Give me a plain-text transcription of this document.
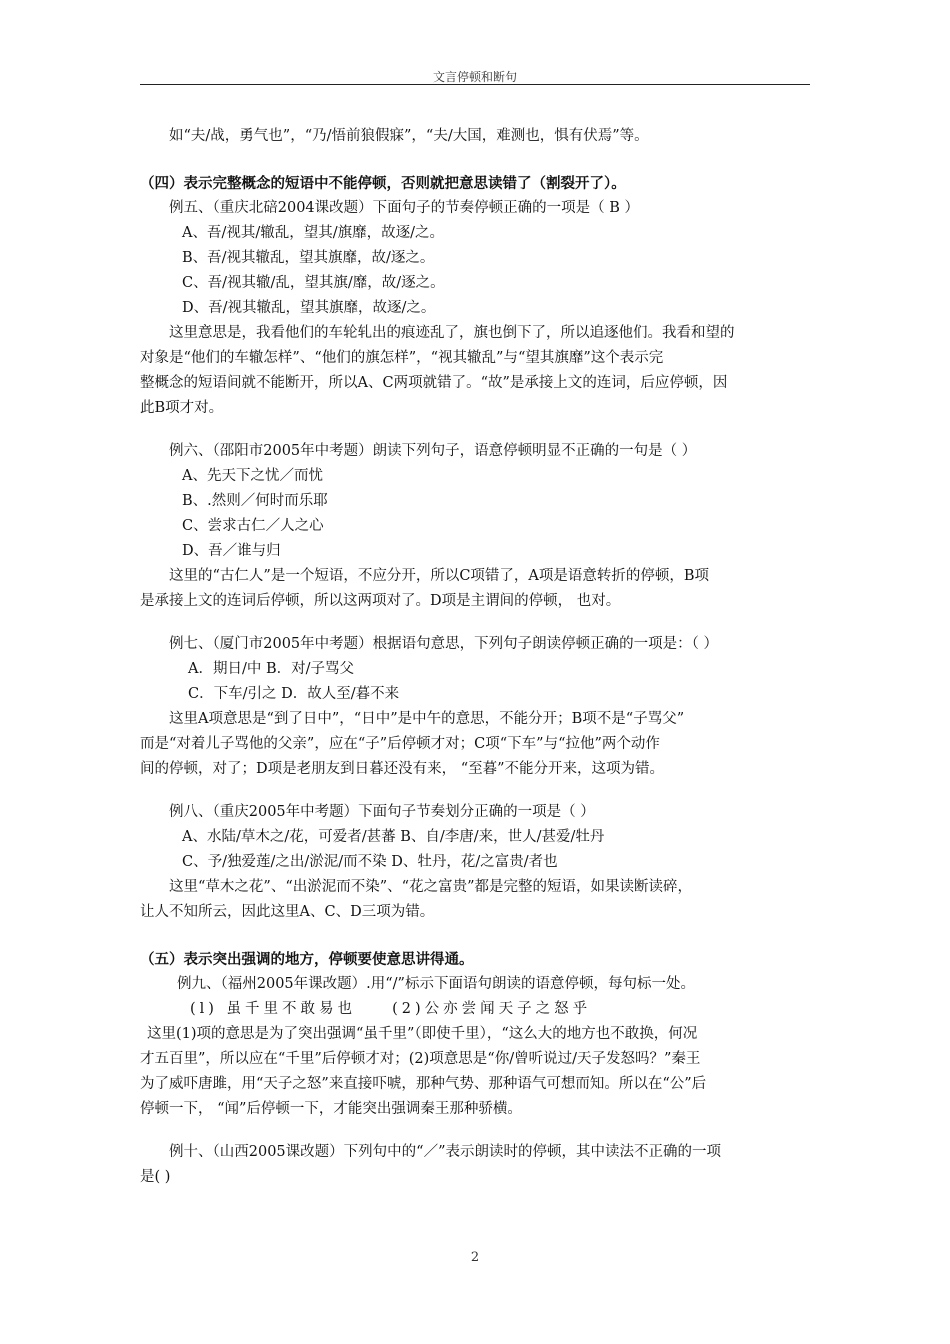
文言停顿和断句

如“夫/战，勇气也”，“乃/悟前狼假寐”，“夫/大国，难测也，惧有伏焉”等。

（四）表示完整概念的短语中不能停顿，否则就把意思读错了（割裂开了）。

例五、（重庆北碚2004课改题）下面句子的节奏停顿正确的一项是（ B ）

A、吾/视其/辙乱，望其/旗靡，故逐/之。

B、吾/视其辙乱，望其旗靡，故/逐之。

C、吾/视其辙/乱，望其旗/靡，故/逐之。

D、吾/视其辙乱，望其旗靡，故逐/之。

这里意思是，我看他们的车轮轧出的痕迹乱了，旗也倒下了，所以追逐他们。我看和望的

对象是“他们的车辙怎样”、“他们的旗怎样”，“视其辙乱”与“望其旗靡”这个表示完

整概念的短语间就不能断开，所以A、C两项就错了。“故”是承接上文的连词，后应停顿，因

此B项才对。

例六、（邵阳市2005年中考题）朗读下列句子，语意停顿明显不正确的一句是（ ）

A、先天下之忧／而忧

B、.然则／何时而乐耶

C、尝求古仁／人之心

D、吾／谁与归

这里的“古仁人”是一个短语，不应分开，所以C项错了，A项是语意转折的停顿，B项

是承接上文的连词后停顿，所以这两项对了。D项是主谓间的停顿， 也对。

例七、（厦门市2005年中考题）根据语句意思，下列句子朗读停顿正确的一项是：（ ）

A．期日/中 B．对/子骂父

C．下车/引之 D．故人至/暮不来

这里A项意思是“到了日中”，“日中”是中午的意思，不能分开；B项不是“子骂父”

而是“对着儿子骂他的父亲”，应在“子”后停顿才对；C项“下车”与“拉他”两个动作

间的停顿，对了；D项是老朋友到日暮还没有来， “至暮”不能分开来，这项为错。

例八、（重庆2005年中考题）下面句子节奏划分正确的一项是（ ）

A、水陆/草木之/花，可爱者/甚蕃 B、自/李唐/来，世人/甚爱/牡丹

C、予/独爱莲/之出/淤泥/而不染 D、牡丹，花/之富贵/者也

这里“草木之花”、“出淤泥而不染”、“花之富贵”都是完整的短语，如果读断读碎，

让人不知所云，因此这里A、C、D三项为错。

（五）表示突出强调的地方，停顿要使意思讲得通。

例九、（福州2005年课改题）.用“/”标示下面语句朗读的语意停顿，每句标一处。

(l) 虽千里不敢易也 (2)公亦尝闻天子之怒乎

这里(1)项的意思是为了突出强调“虽千里”（即使千里），“这么大的地方也不敢换，何况

才五百里”，所以应在“千里”后停顿才对；(2)项意思是“你/曾听说过/天子发怒吗？”秦王

为了威吓唐雎，用“天子之怒”来直接吓唬，那种气势、那种语气可想而知。所以在“公”后

停顿一下， “闻”后停顿一下，才能突出强调秦王那种骄横。

例十、（山西2005课改题）下列句中的“／”表示朗读时的停顿，其中读法不正确的一项

是( )

2
